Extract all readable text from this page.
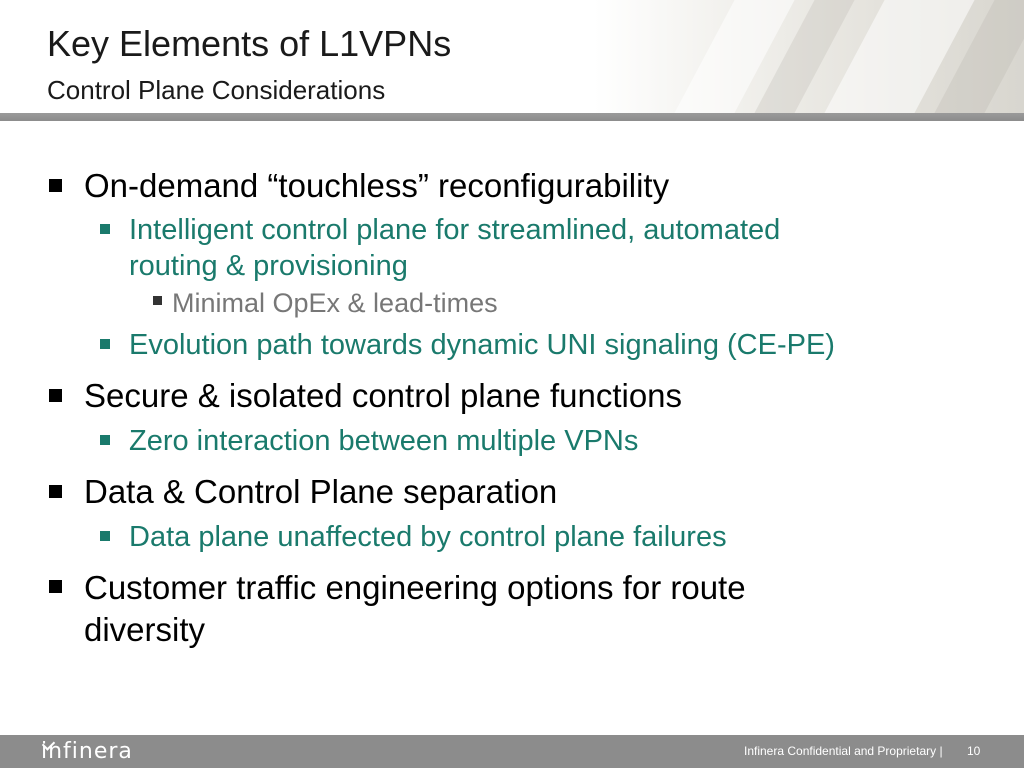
Key Elements of L1VPNs
Control Plane Considerations
On-demand “touchless” reconfigurability
Intelligent control plane for streamlined, automated
routing & provisioning
Minimal OpEx & lead-times
Evolution path towards dynamic UNI signaling (CE-PE)
Secure & isolated control plane functions
Zero interaction between multiple VPNs
Data & Control Plane separation
Data plane unaffected by control plane failures
Customer traffic engineering options for route
diversity
infinera	Infinera Confidential and Proprietary | 10
